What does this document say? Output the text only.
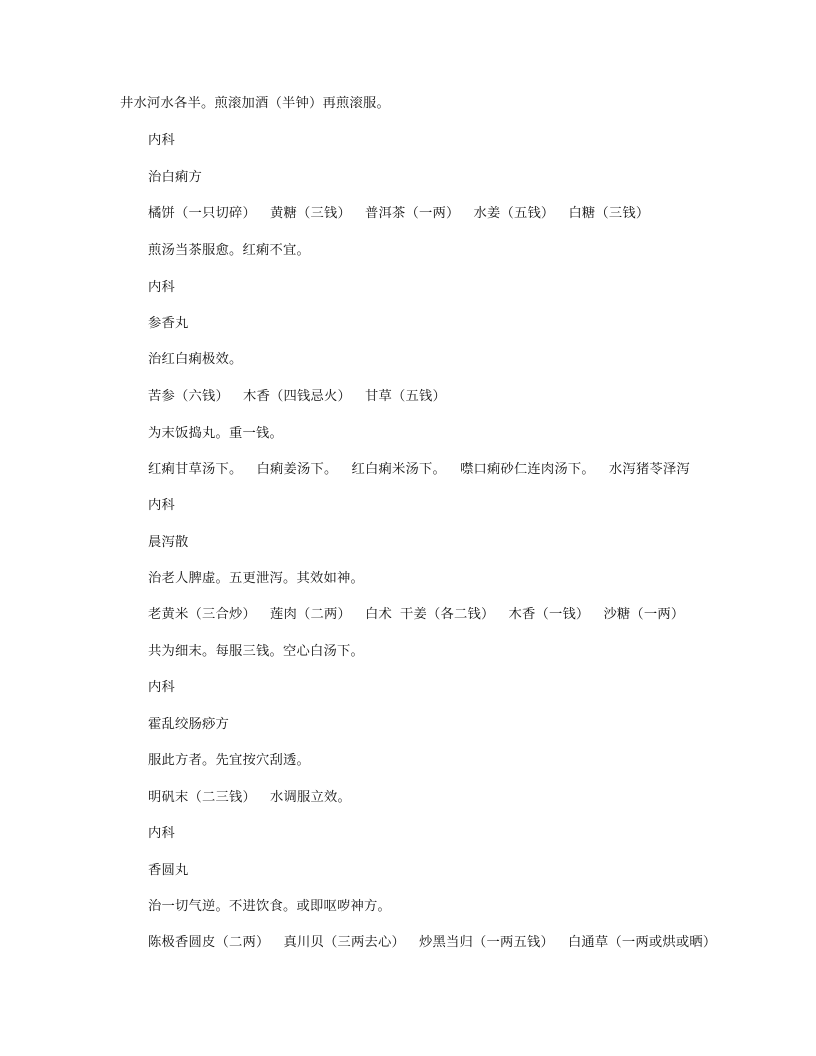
井水河水各半。煎滚加酒（半钟）再煎滚服。
内科
治白痢方
橘饼（一只切碎） 黄糖（三钱） 普洱茶（一两） 水姜（五钱） 白糖（三钱）
煎汤当茶服愈。红痢不宜。
内科
参香丸
治红白痢极效。
苦参（六钱） 木香（四钱忌火） 甘草（五钱）
为末饭捣丸。重一钱。
红痢甘草汤下。 白痢姜汤下。 红白痢米汤下。 噤口痢砂仁连肉汤下。 水泻猪苓泽泻
内科
晨泻散
治老人脾虚。五更泄泻。其效如神。
老黄米（三合炒） 莲肉（二两） 白术 干姜（各二钱） 木香（一钱） 沙糖（一两）
共为细末。每服三钱。空心白汤下。
内科
霍乱绞肠痧方
服此方者。先宜按穴刮透。
明矾末（二三钱） 水调服立效。
内科
香圆丸
治一切气逆。不进饮食。或即呕哕神方。
陈极香圆皮（二两） 真川贝（三两去心） 炒黑当归（一两五钱） 白通草（一两或烘或晒）
